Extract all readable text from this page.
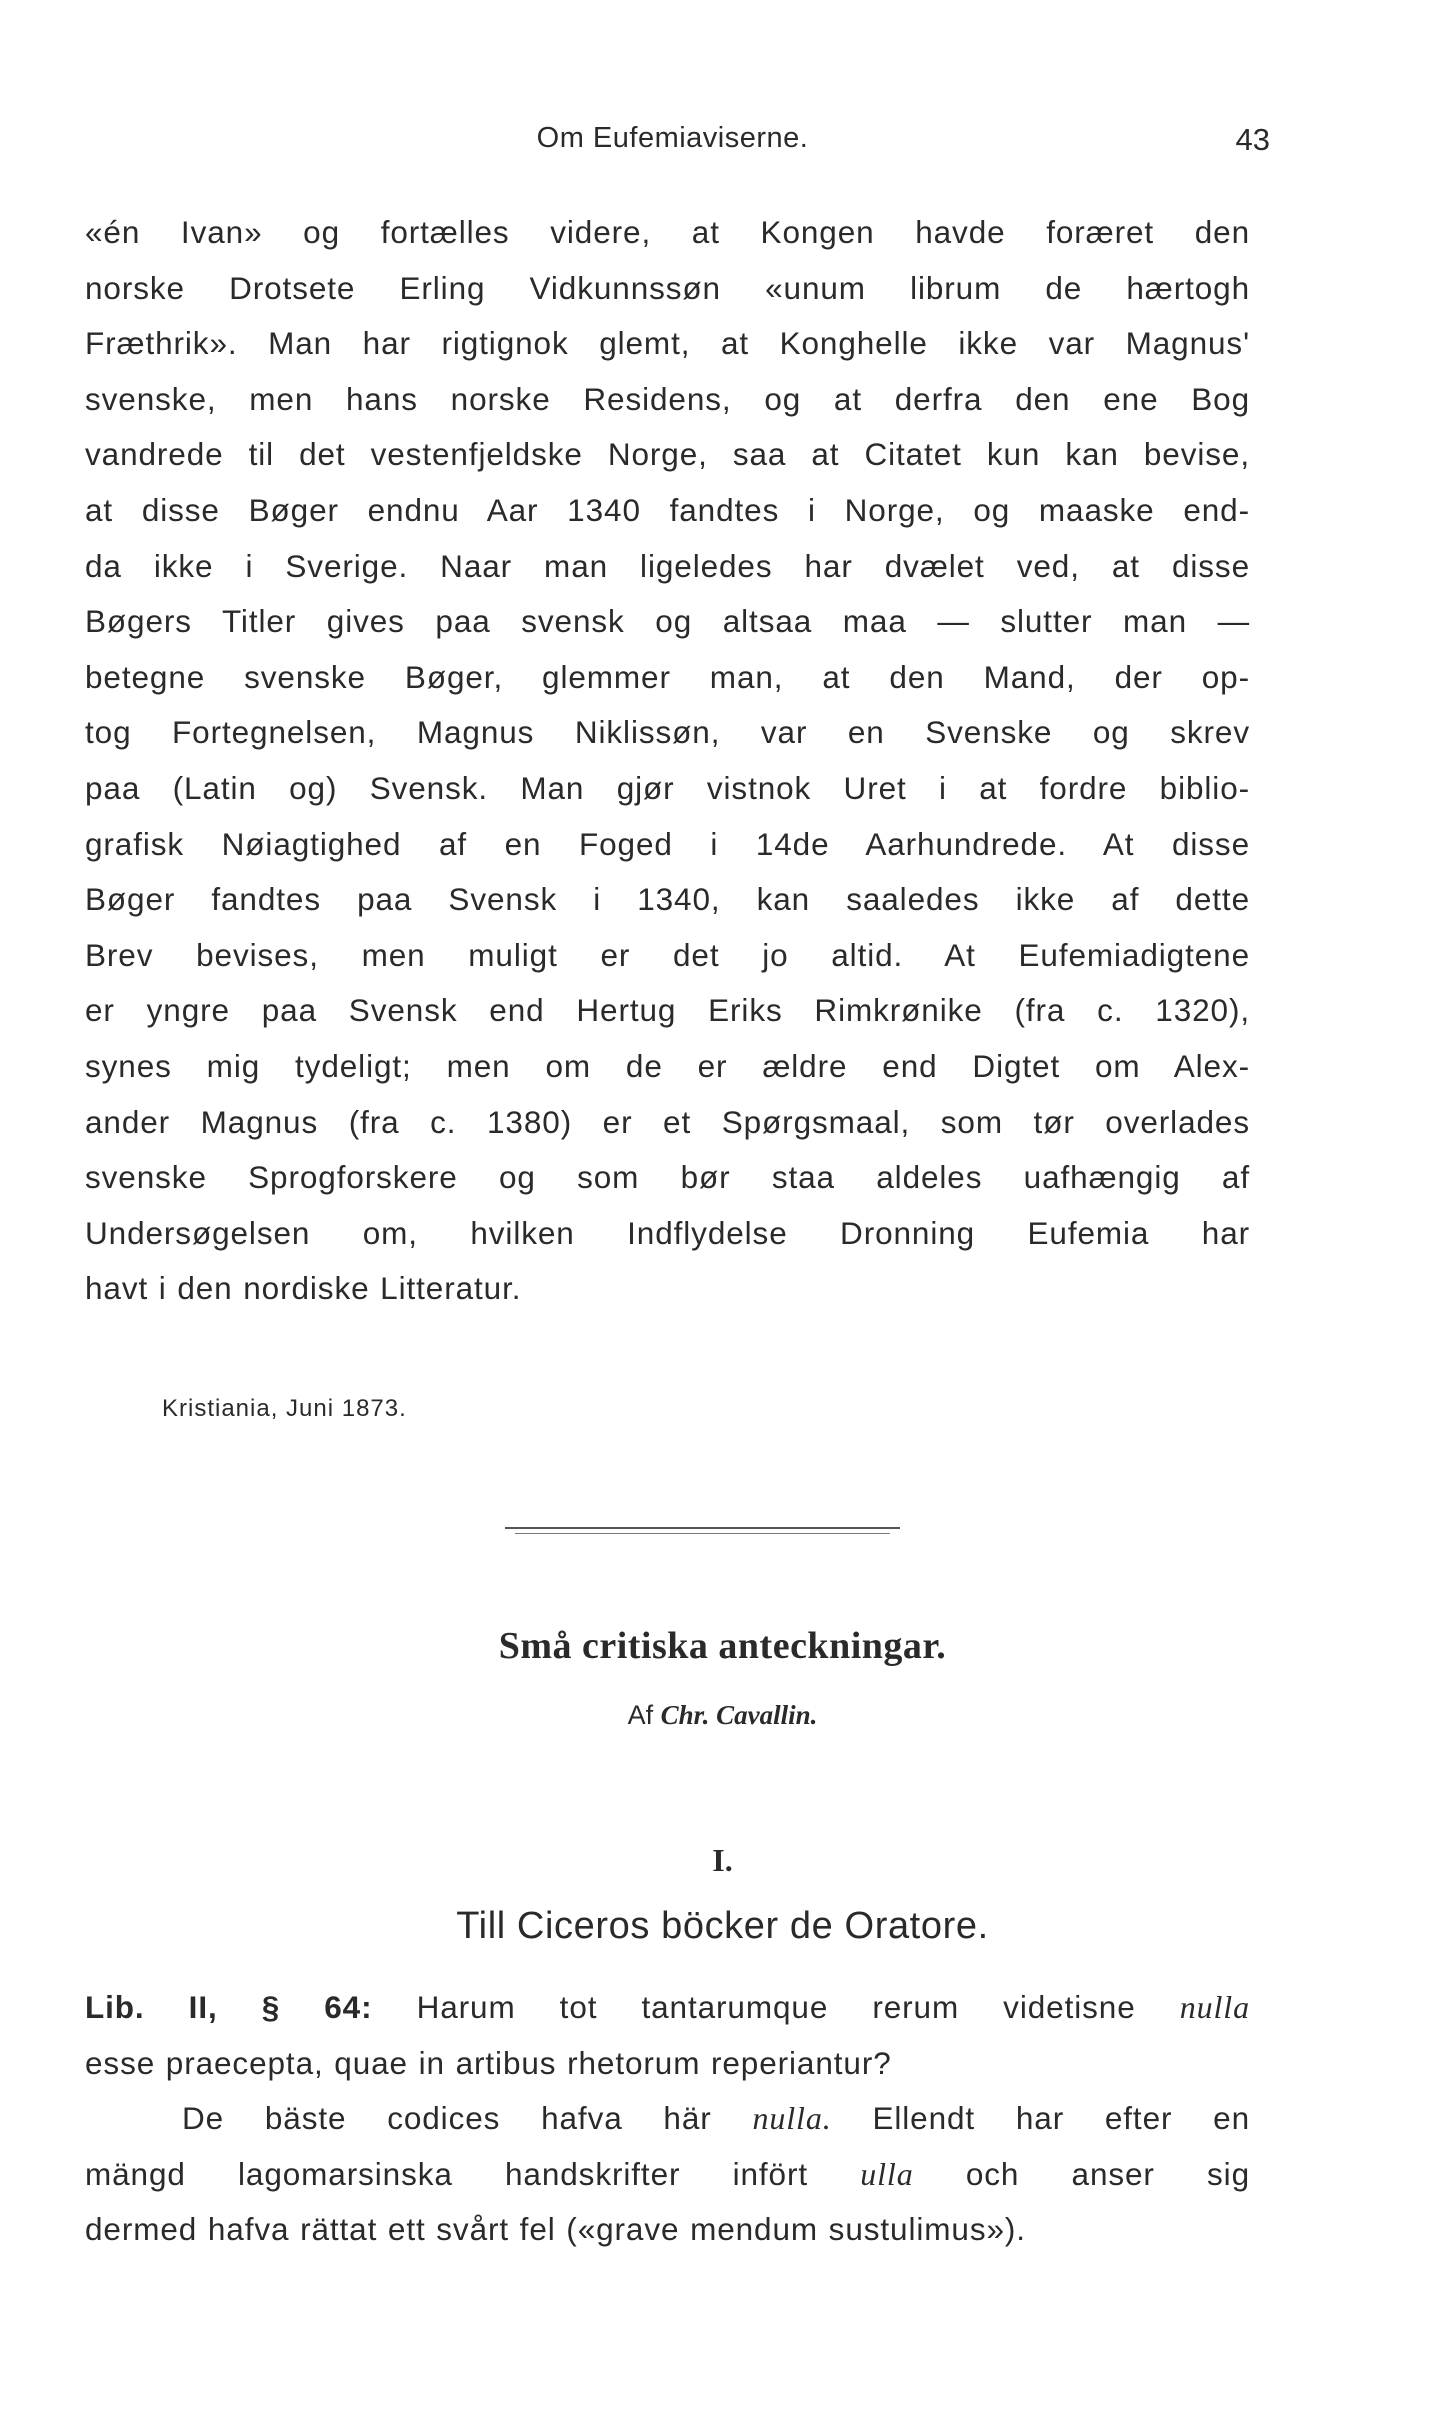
Om Eufemiaviserne.	43
«én Ivan» og fortælles videre, at Kongen havde foræret den
norske Drotsete Erling Vidkunnssøn «unum librum de hærtogh
Fræthrik». Man har rigtignok glemt, at Konghelle ikke var Magnus'
svenske, men hans norske Residens, og at derfra den ene Bog
vandrede til det vestenfjeldske Norge, saa at Citatet kun kan bevise,
at disse Bøger endnu Aar 1340 fandtes i Norge, og maaske end-
da ikke i Sverige. Naar man ligeledes har dvælet ved, at disse
Bøgers Titler gives paa svensk og altsaa maa — slutter man —
betegne svenske Bøger, glemmer man, at den Mand, der op-
tog Fortegnelsen, Magnus Niklissøn, var en Svenske og skrev
paa (Latin og) Svensk. Man gjør vistnok Uret i at fordre biblio-
grafisk Nøiagtighed af en Foged i 14de Aarhundrede. At disse
Bøger fandtes paa Svensk i 1340, kan saaledes ikke af dette
Brev bevises, men muligt er det jo altid. At Eufemiadigtene
er yngre paa Svensk end Hertug Eriks Rimkrønike (fra c. 1320),
synes mig tydeligt; men om de er ældre end Digtet om Alex-
ander Magnus (fra c. 1380) er et Spørgsmaal, som tør overlades
svenske Sprogforskere og som bør staa aldeles uafhængig af
Undersøgelsen om, hvilken Indflydelse Dronning Eufemia har
havt i den nordiske Litteratur.
Kristiania, Juni 1873.
Små critiska anteckningar.
Af Chr. Cavallin.
I.
Till Ciceros böcker de Oratore.
Lib. II, § 64: Harum tot tantarumque rerum videtisne nulla
esse praecepta, quae in artibus rhetorum reperiantur?
De bäste codices hafva här nulla. Ellendt har efter en
mängd lagomarsinska handskrifter infört ulla och anser sig
dermed hafva rättat ett svårt fel («grave mendum sustulimus»).
